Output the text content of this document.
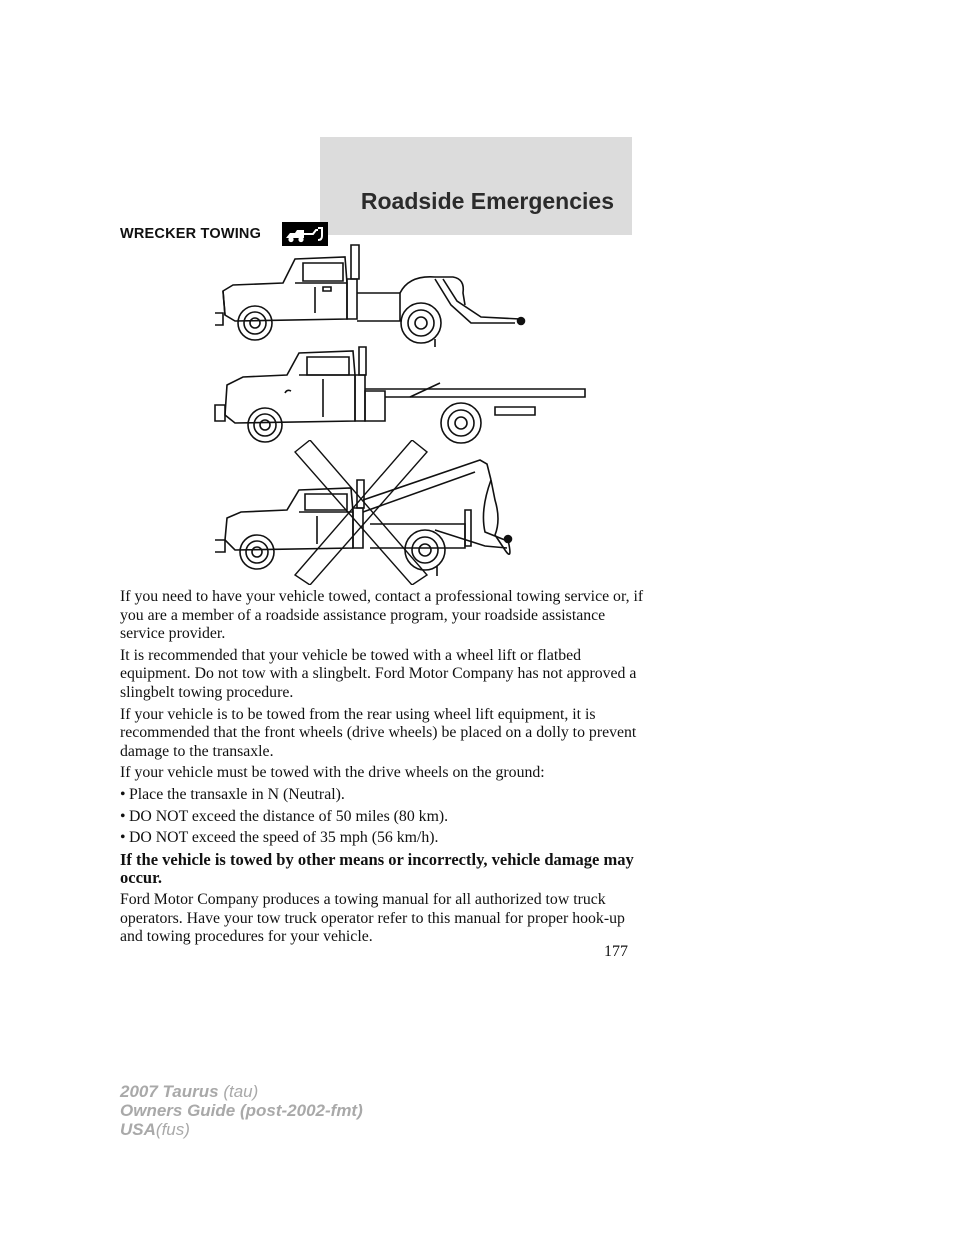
Roadside Emergencies
WRECKER TOWING

If you need to have your vehicle towed, contact a professional towing service or, if you are a member of a roadside assistance program, your roadside assistance service provider.

It is recommended that your vehicle be towed with a wheel lift or flatbed equipment. Do not tow with a slingbelt. Ford Motor Company has not approved a slingbelt towing procedure.

If your vehicle is to be towed from the rear using wheel lift equipment, it is recommended that the front wheels (drive wheels) be placed on a dolly to prevent damage to the transaxle.

If your vehicle must be towed with the drive wheels on the ground:

• Place the transaxle in N (Neutral).

• DO NOT exceed the distance of 50 miles (80 km).

• DO NOT exceed the speed of 35 mph (56 km/h).

If the vehicle is towed by other means or incorrectly, vehicle damage may occur.

Ford Motor Company produces a towing manual for all authorized tow truck operators. Have your tow truck operator refer to this manual for proper hook-up and towing procedures for your vehicle.

177
2007 Taurus (tau)
Owners Guide (post-2002-fmt)
USA(fus)
